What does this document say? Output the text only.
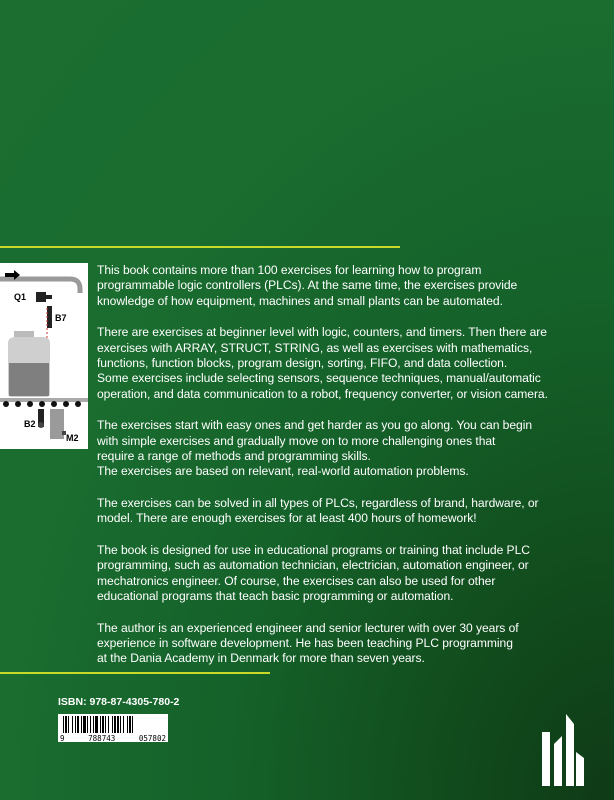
Q1
B7
B2
M2

This book contains more than 100 exercises for learning how to program
programmable logic controllers (PLCs). At the same time, the exercises provide
knowledge of how equipment, machines and small plants can be automated.

There are exercises at beginner level with logic, counters, and timers. Then there are
exercises with ARRAY, STRUCT, STRING, as well as exercises with mathematics,
functions, function blocks, program design, sorting, FIFO, and data collection.
Some exercises include selecting sensors, sequence techniques, manual/automatic
operation, and data communication to a robot, frequency converter, or vision camera.

The exercises start with easy ones and get harder as you go along. You can begin
with simple exercises and gradually move on to more challenging ones that
require a range of methods and programming skills.
The exercises are based on relevant, real-world automation problems.

The exercises can be solved in all types of PLCs, regardless of brand, hardware, or
model. There are enough exercises for at least 400 hours of homework!

The book is designed for use in educational programs or training that include PLC
programming, such as automation technician, electrician, automation engineer, or
mechatronics engineer. Of course, the exercises can also be used for other
educational programs that teach basic programming or automation.

The author is an experienced engineer and senior lecturer with over 30 years of
experience in software development. He has been teaching PLC programming
at the Dania Academy in Denmark for more than seven years.

ISBN: 978-87-4305-780-2
9	788743	057802
